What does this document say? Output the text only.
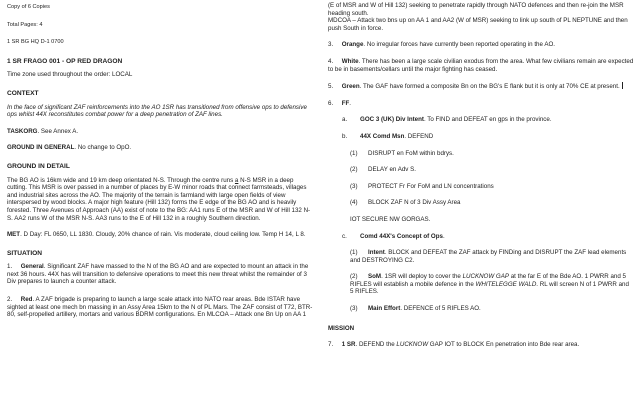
Copy of 6 Copies
Total Pages: 4
1 SR BG HQ D-1 0700
1 SR FRAGO 001 - OP RED DRAGON
Time zone used throughout the order: LOCAL
CONTEXT
In the face of significant ZAF reinforcements into the AO 1SR has transitioned from offensive ops to defensive ops whilst 44X reconstitutes combat power for a deep penetration of ZAF lines.
TASKORG. See Annex A.
GROUND IN GENERAL. No change to OpO.
GROUND IN DETAIL
The BG AO is 16km wide and 19 km deep orientated N-S. Through the centre runs a N-S MSR in a deep cutting. This MSR is over passed in a number of places by E-W minor roads that connect farmsteads, villages and industrial sites across the AO. The majority of the terrain is farmland with large open fields of view interspersed by wood blocks. A major high feature (Hill 132) forms the E edge of the BG AO and is heavily forested. Three Avenues of Approach (AA) exist of note to the BG: AA1 runs E of the MSR and W of Hill 132 N-S. AA2 runs W of the MSR N-S. AA3 runs to the E of Hill 132 in a roughly Southern direction.
MET. D Day: FL 0650, LL 1830. Cloudy, 20% chance of rain. Vis moderate, cloud ceiling low. Temp H 14, L 8.
SITUATION
1. General. Significant ZAF have massed to the N of the BG AO and are expected to mount an attack in the next 36 hours. 44X has will transition to defensive operations to meet this new threat whilst the remainder of 3 Div prepares to launch a counter attack.
2. Red. A ZAF brigade is preparing to launch a large scale attack into NATO rear areas. Bde ISTAR have sighted at least one mech bn massing in an Assy Area 15km to the N of PL Mars. The ZAF consist of T72, BTR-80, self-propelled artillery, mortars and various BDRM configurations. En MLCOA – Attack one Bn Up on AA 1
(E of MSR and W of Hill 132) seeking to penetrate rapidly through NATO defences and then re-join the MSR heading south.
MDCOA – Attack two bns up on AA 1 and AA2 (W of MSR) seeking to link up south of PL NEPTUNE and then push South in force.
3. Orange. No irregular forces have currently been reported operating in the AO.
4. White. There has been a large scale civilian exodus from the area. What few civilians remain are expected to be in basements/cellars until the major fighting has ceased.
5. Green. The GAF have formed a composite Bn on the BG's E flank but it is only at 70% CE at present.
6. FF.
a. GOC 3 (UK) Div Intent. To FIND and DEFEAT en gps in the province.
b. 44X Comd Msn. DEFEND
(1) DISRUPT en FoM within bdrys.
(2) DELAY en Adv S.
(3) PROTECT Fr For FoM and LN concentrations
(4) BLOCK ZAF N of 3 Div Assy Area
IOT SECURE NW GORGAS.
c. Comd 44X's Concept of Ops.
(1) Intent. BLOCK and DEFEAT the ZAF attack by FINDing and DISRUPT the ZAF lead elements and DESTROYING C2.
(2) SoM. 1SR will deploy to cover the LUCKNOW GAP at the far E of the Bde AO. 1 PWRR and 5 RIFLES will establish a mobile defence in the WHITELEGGE WALD. RL will screen N of 1 PWRR and 5 RIFLES.
(3) Main Effort. DEFENCE of 5 RIFLES AO.
MISSION
7. 1 SR. DEFEND the LUCKNOW GAP IOT to BLOCK En penetration into Bde rear area.
